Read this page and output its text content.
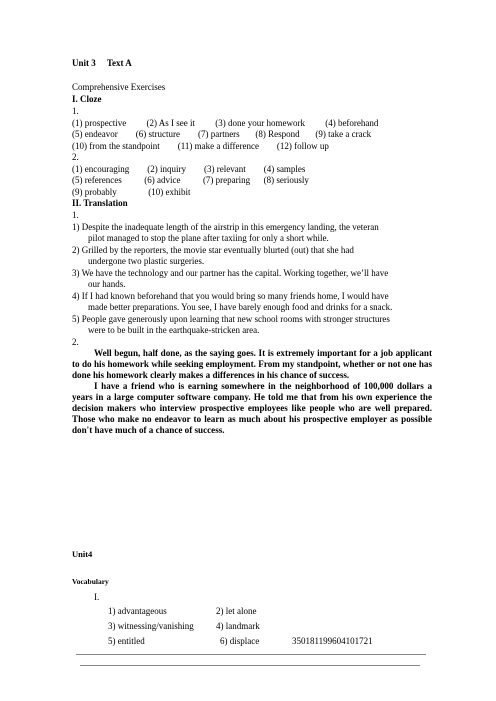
Unit 3     Text A
Comprehensive Exercises
I. Cloze
1.
(1) prospective         (2) As I see it         (3) done your homework         (4) beforehand
(5) endeavor        (6) structure        (7) partners       (8) Respond       (9) take a crack
(10) from the standpoint        (11) make a difference        (12) follow up
2.
(1) encouraging        (2) inquiry        (3) relevant        (4) samples
(5) references          (6) advice          (7) preparing      (8) seriously
(9) probably              (10) exhibit
II. Translation
1.
1) Despite the inadequate length of the airstrip in this emergency landing, the veteran
pilot managed to stop the plane after taxiing for only a short while.
2) Grilled by the reporters, the movie star eventually blurted (out) that she had
undergone two plastic surgeries.
3) We have the technology and our partner has the capital. Working together, we’ll have
our hands.
4) If I had known beforehand that you would bring so many friends home, I would have
made better preparations. You see, I have barely enough food and drinks for a snack.
5) People gave generously upon learning that new school rooms with stronger structures
were to be built in the earthquake-stricken area.
2.

Well begun, half done, as the saying goes. It is extremely important for a job applicant to do his homework while seeking employment. From my standpoint, whether or not one has done his homework clearly makes a differences in his chance of success.

I have a friend who is earning somewhere in the neighborhood of 100,000 dollars a years in a large computer software company. He told me that from his own experience the decision makers who interview prospective employees like people who are well prepared. Those who make no endeavor to learn as much about his prospective employer as possible don't have much of a chance of success.

Unit4
Vocabulary
I.
1) advantageous	2) let alone
3) witnessing/vanishing 4) landmark
5) entitled	6) displace	350181199604101721
